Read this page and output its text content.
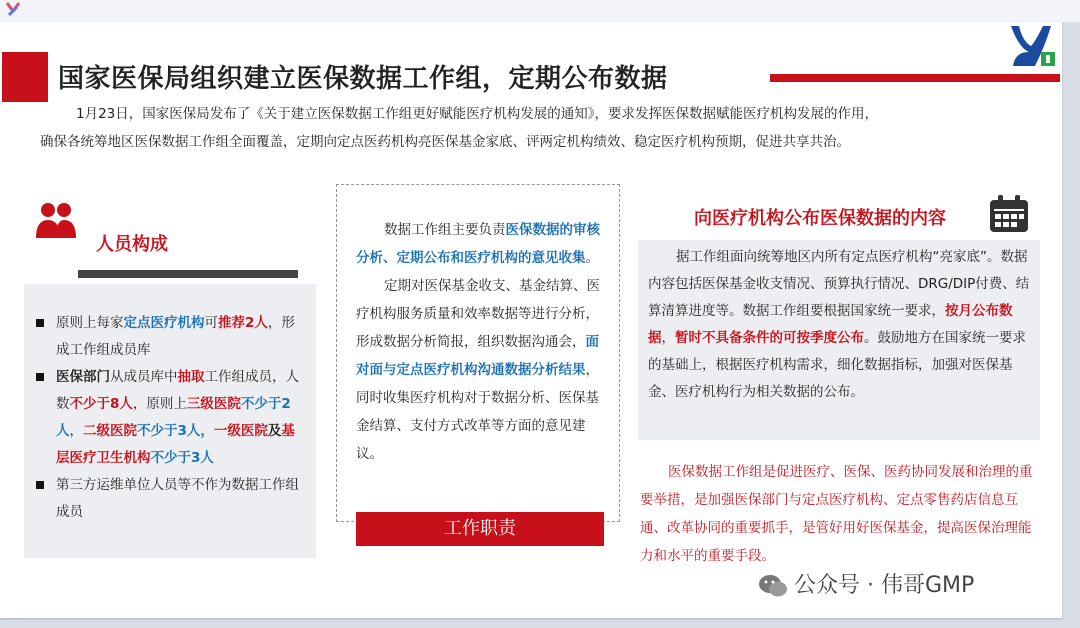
国家医保局组织建立医保数据工作组，定期公布数据

1月23日，国家医保局发布了《关于建立医保数据工作组更好赋能医疗机构发展的通知》，要求发挥医保数据赋能医疗机构发展的作用，

确保各统筹地区医保数据工作组全面覆盖，定期向定点医药机构亮医保基金家底、评两定机构绩效、稳定医疗机构预期，促进共享共治。

人员构成
原则上每家定点医疗机构可推荐2人，形成工作组成员库
医保部门从成员库中抽取工作组成员，人数不少于8人，原则上三级医院不少于2人，二级医院不少于3人，一级医院及基层医疗卫生机构不少于3人
第三方运维单位人员等不作为数据工作组成员

数据工作组主要负责医保数据的审核分析、定期公布和医疗机构的意见收集。

定期对医保基金收支、基金结算、医疗机构服务质量和效率数据等进行分析，形成数据分析简报，组织数据沟通会，面对面与定点医疗机构沟通数据分析结果，同时收集医疗机构对于数据分析、医保基金结算、支付方式改革等方面的意见建议。

工作职责
向医疗机构公布医保数据的内容

据工作组面向统筹地区内所有定点医疗机构“亮家底”。数据内容包括医保基金收支情况、预算执行情况、DRG/DIP付费、结算清算进度等。数据工作组要根据国家统一要求，按月公布数据，暂时不具备条件的可按季度公布。鼓励地方在国家统一要求的基础上，根据医疗机构需求，细化数据指标，加强对医保基金、医疗机构行为相关数据的公布。

医保数据工作组是促进医疗、医保、医药协同发展和治理的重要举措，是加强医保部门与定点医疗机构、定点零售药店信息互通、改革协同的重要抓手，是管好用好医保基金，提高医保治理能力和水平的重要手段。

公众号 · 伟哥GMP
